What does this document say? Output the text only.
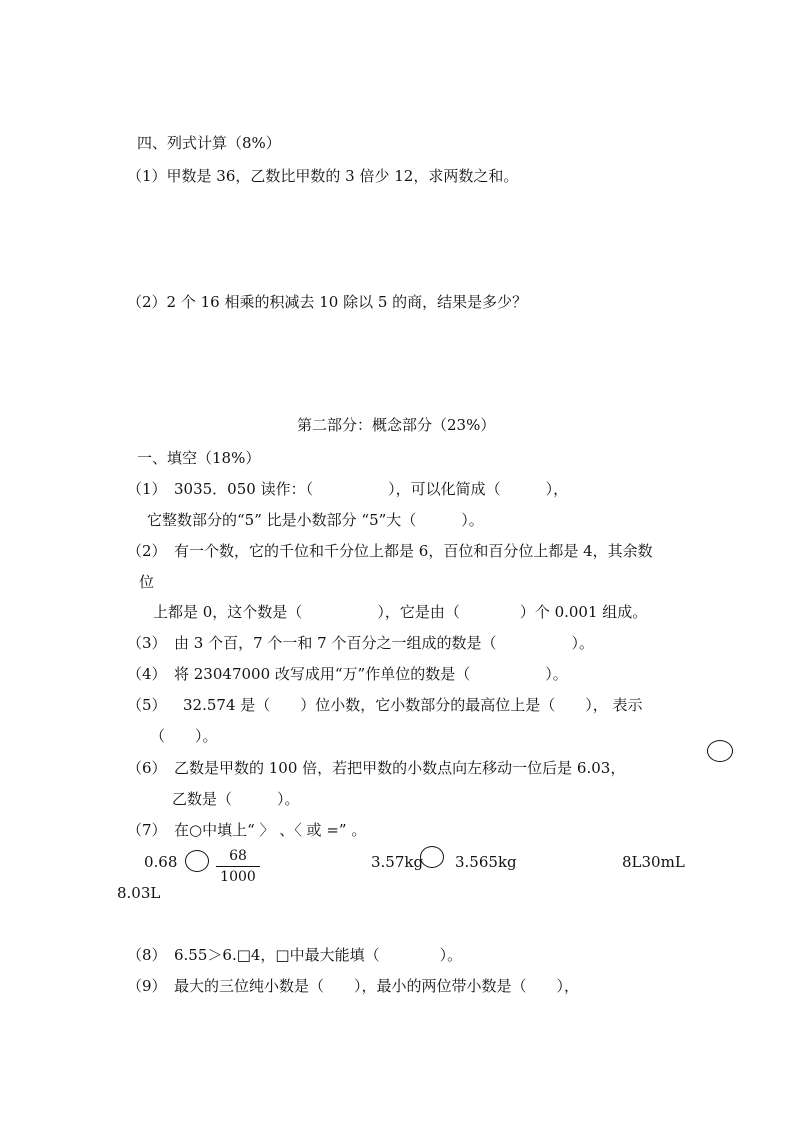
四、列式计算（8%）
（1）甲数是 36，乙数比甲数的 3 倍少 12，求两数之和。
（2）2 个 16 相乘的积减去 10 除以 5 的商，结果是多少？
第二部分：概念部分（23%）
一、填空（18%）
（1） 3035．050 读作：（　　　　　），可以化简成（　　　），
它整数部分的“5” 比是小数部分 “5”大（　　　）。
（2） 有一个数，它的千位和千分位上都是 6，百位和百分位上都是 4，其余数
位
上都是 0，这个数是（　　　　　），它是由（　　　　）个 0.001 组成。
（3） 由 3 个百，7 个一和 7 个百分之一组成的数是（　　　　　）。
（4） 将 23047000 改写成用“万”作单位的数是（　　　　　）。
（5） 32.574 是（　　）位小数，它小数部分的最高位上是（　　）， 表示
（　　）。
（6） 乙数是甲数的 100 倍，若把甲数的小数点向左移动一位后是 6.03，
乙数是（　　　）。
（7） 在○中填上“ 〉 、〈 或 =” 。
0.68	$\frac{68}{1000}$	3.57kg 3.565kg	8L30mL
8.03L
（8） 6.55＞6.□4，□中最大能填（　　　　）。
（9） 最大的三位纯小数是（　　），最小的两位带小数是（　　），
